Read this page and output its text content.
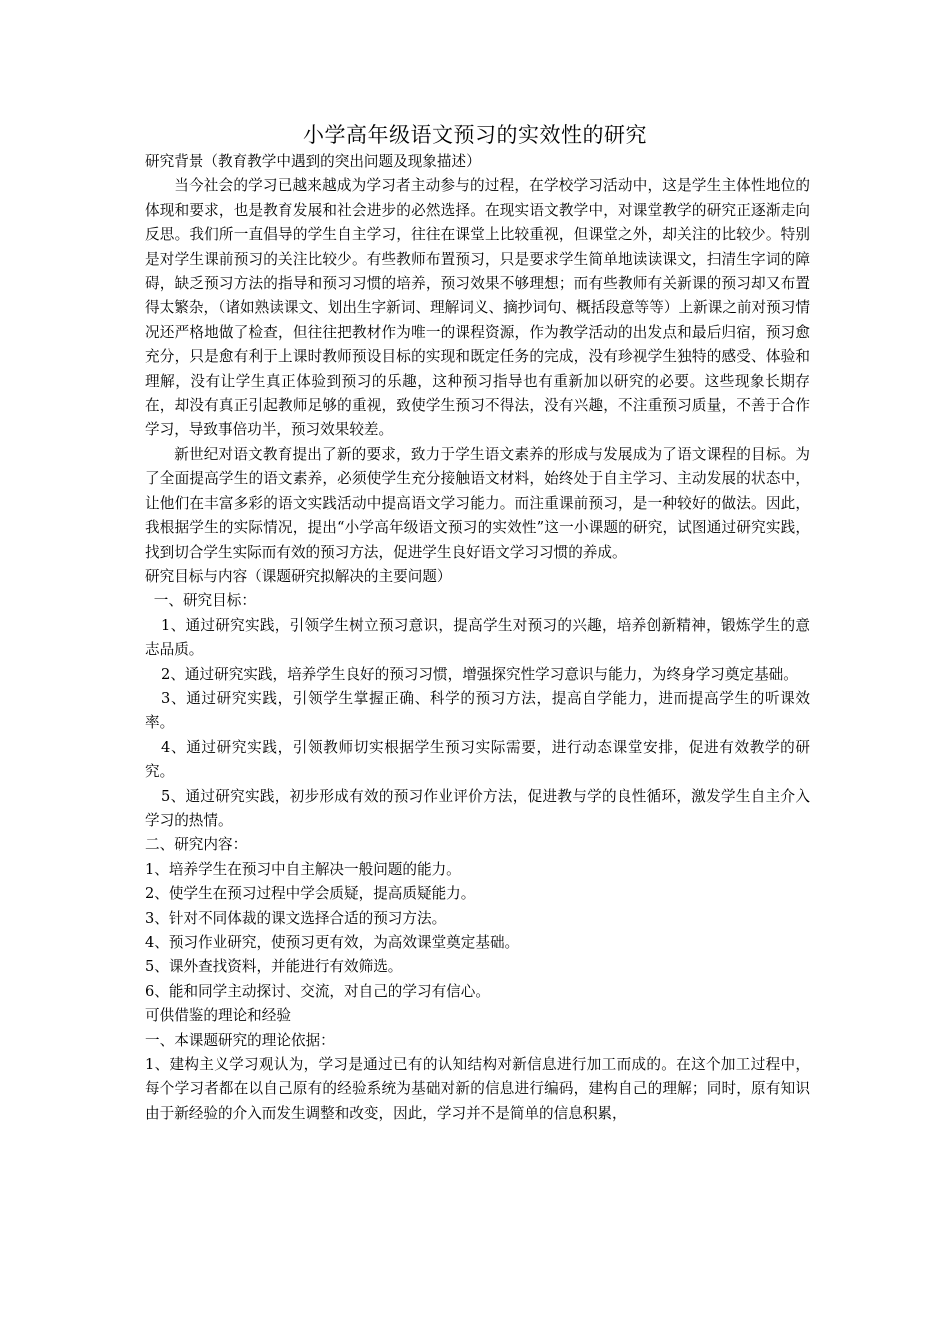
小学高年级语文预习的实效性的研究

研究背景（教育教学中遇到的突出问题及现象描述）

当今社会的学习已越来越成为学习者主动参与的过程，在学校学习活动中，这是学生主体性地位的体现和要求，也是教育发展和社会进步的必然选择。在现实语文教学中，对课堂教学的研究正逐渐走向反思。我们所一直倡导的学生自主学习，往往在课堂上比较重视，但课堂之外，却关注的比较少。特别是对学生课前预习的关注比较少。有些教师布置预习，只是要求学生简单地读读课文，扫清生字词的障碍，缺乏预习方法的指导和预习习惯的培养，预习效果不够理想；而有些教师有关新课的预习却又布置得太繁杂，（诸如熟读课文、划出生字新词、理解词义、摘抄词句、概括段意等等）上新课之前对预习情况还严格地做了检查，但往往把教材作为唯一的课程资源，作为教学活动的出发点和最后归宿，预习愈充分，只是愈有利于上课时教师预设目标的实现和既定任务的完成，没有珍视学生独特的感受、体验和理解，没有让学生真正体验到预习的乐趣，这种预习指导也有重新加以研究的必要。这些现象长期存在，却没有真正引起教师足够的重视，致使学生预习不得法，没有兴趣，不注重预习质量，不善于合作学习，导致事倍功半，预习效果较差。

新世纪对语文教育提出了新的要求，致力于学生语文素养的形成与发展成为了语文课程的目标。为了全面提高学生的语文素养，必须使学生充分接触语文材料，始终处于自主学习、主动发展的状态中，让他们在丰富多彩的语文实践活动中提高语文学习能力。而注重课前预习，是一种较好的做法。因此，我根据学生的实际情况，提出“小学高年级语文预习的实效性”这一小课题的研究，试图通过研究实践，找到切合学生实际而有效的预习方法，促进学生良好语文学习习惯的养成。

研究目标与内容（课题研究拟解决的主要问题）

一、研究目标：

1、通过研究实践，引领学生树立预习意识，提高学生对预习的兴趣，培养创新精神，锻炼学生的意志品质。

2、通过研究实践，培养学生良好的预习习惯，增强探究性学习意识与能力，为终身学习奠定基础。

3、通过研究实践，引领学生掌握正确、科学的预习方法，提高自学能力，进而提高学生的听课效率。

4、通过研究实践，引领教师切实根据学生预习实际需要，进行动态课堂安排，促进有效教学的研究。

5、通过研究实践，初步形成有效的预习作业评价方法，促进教与学的良性循环，激发学生自主介入学习的热情。

二、研究内容：

1、培养学生在预习中自主解决一般问题的能力。

2、使学生在预习过程中学会质疑，提高质疑能力。

3、针对不同体裁的课文选择合适的预习方法。

4、预习作业研究，使预习更有效，为高效课堂奠定基础。

5、课外查找资料，并能进行有效筛选。

6、能和同学主动探讨、交流，对自己的学习有信心。

可供借鉴的理论和经验

一、本课题研究的理论依据：

1、建构主义学习观认为，学习是通过已有的认知结构对新信息进行加工而成的。在这个加工过程中，每个学习者都在以自己原有的经验系统为基础对新的信息进行编码，建构自己的理解；同时，原有知识由于新经验的介入而发生调整和改变，因此，学习并不是简单的信息积累，
